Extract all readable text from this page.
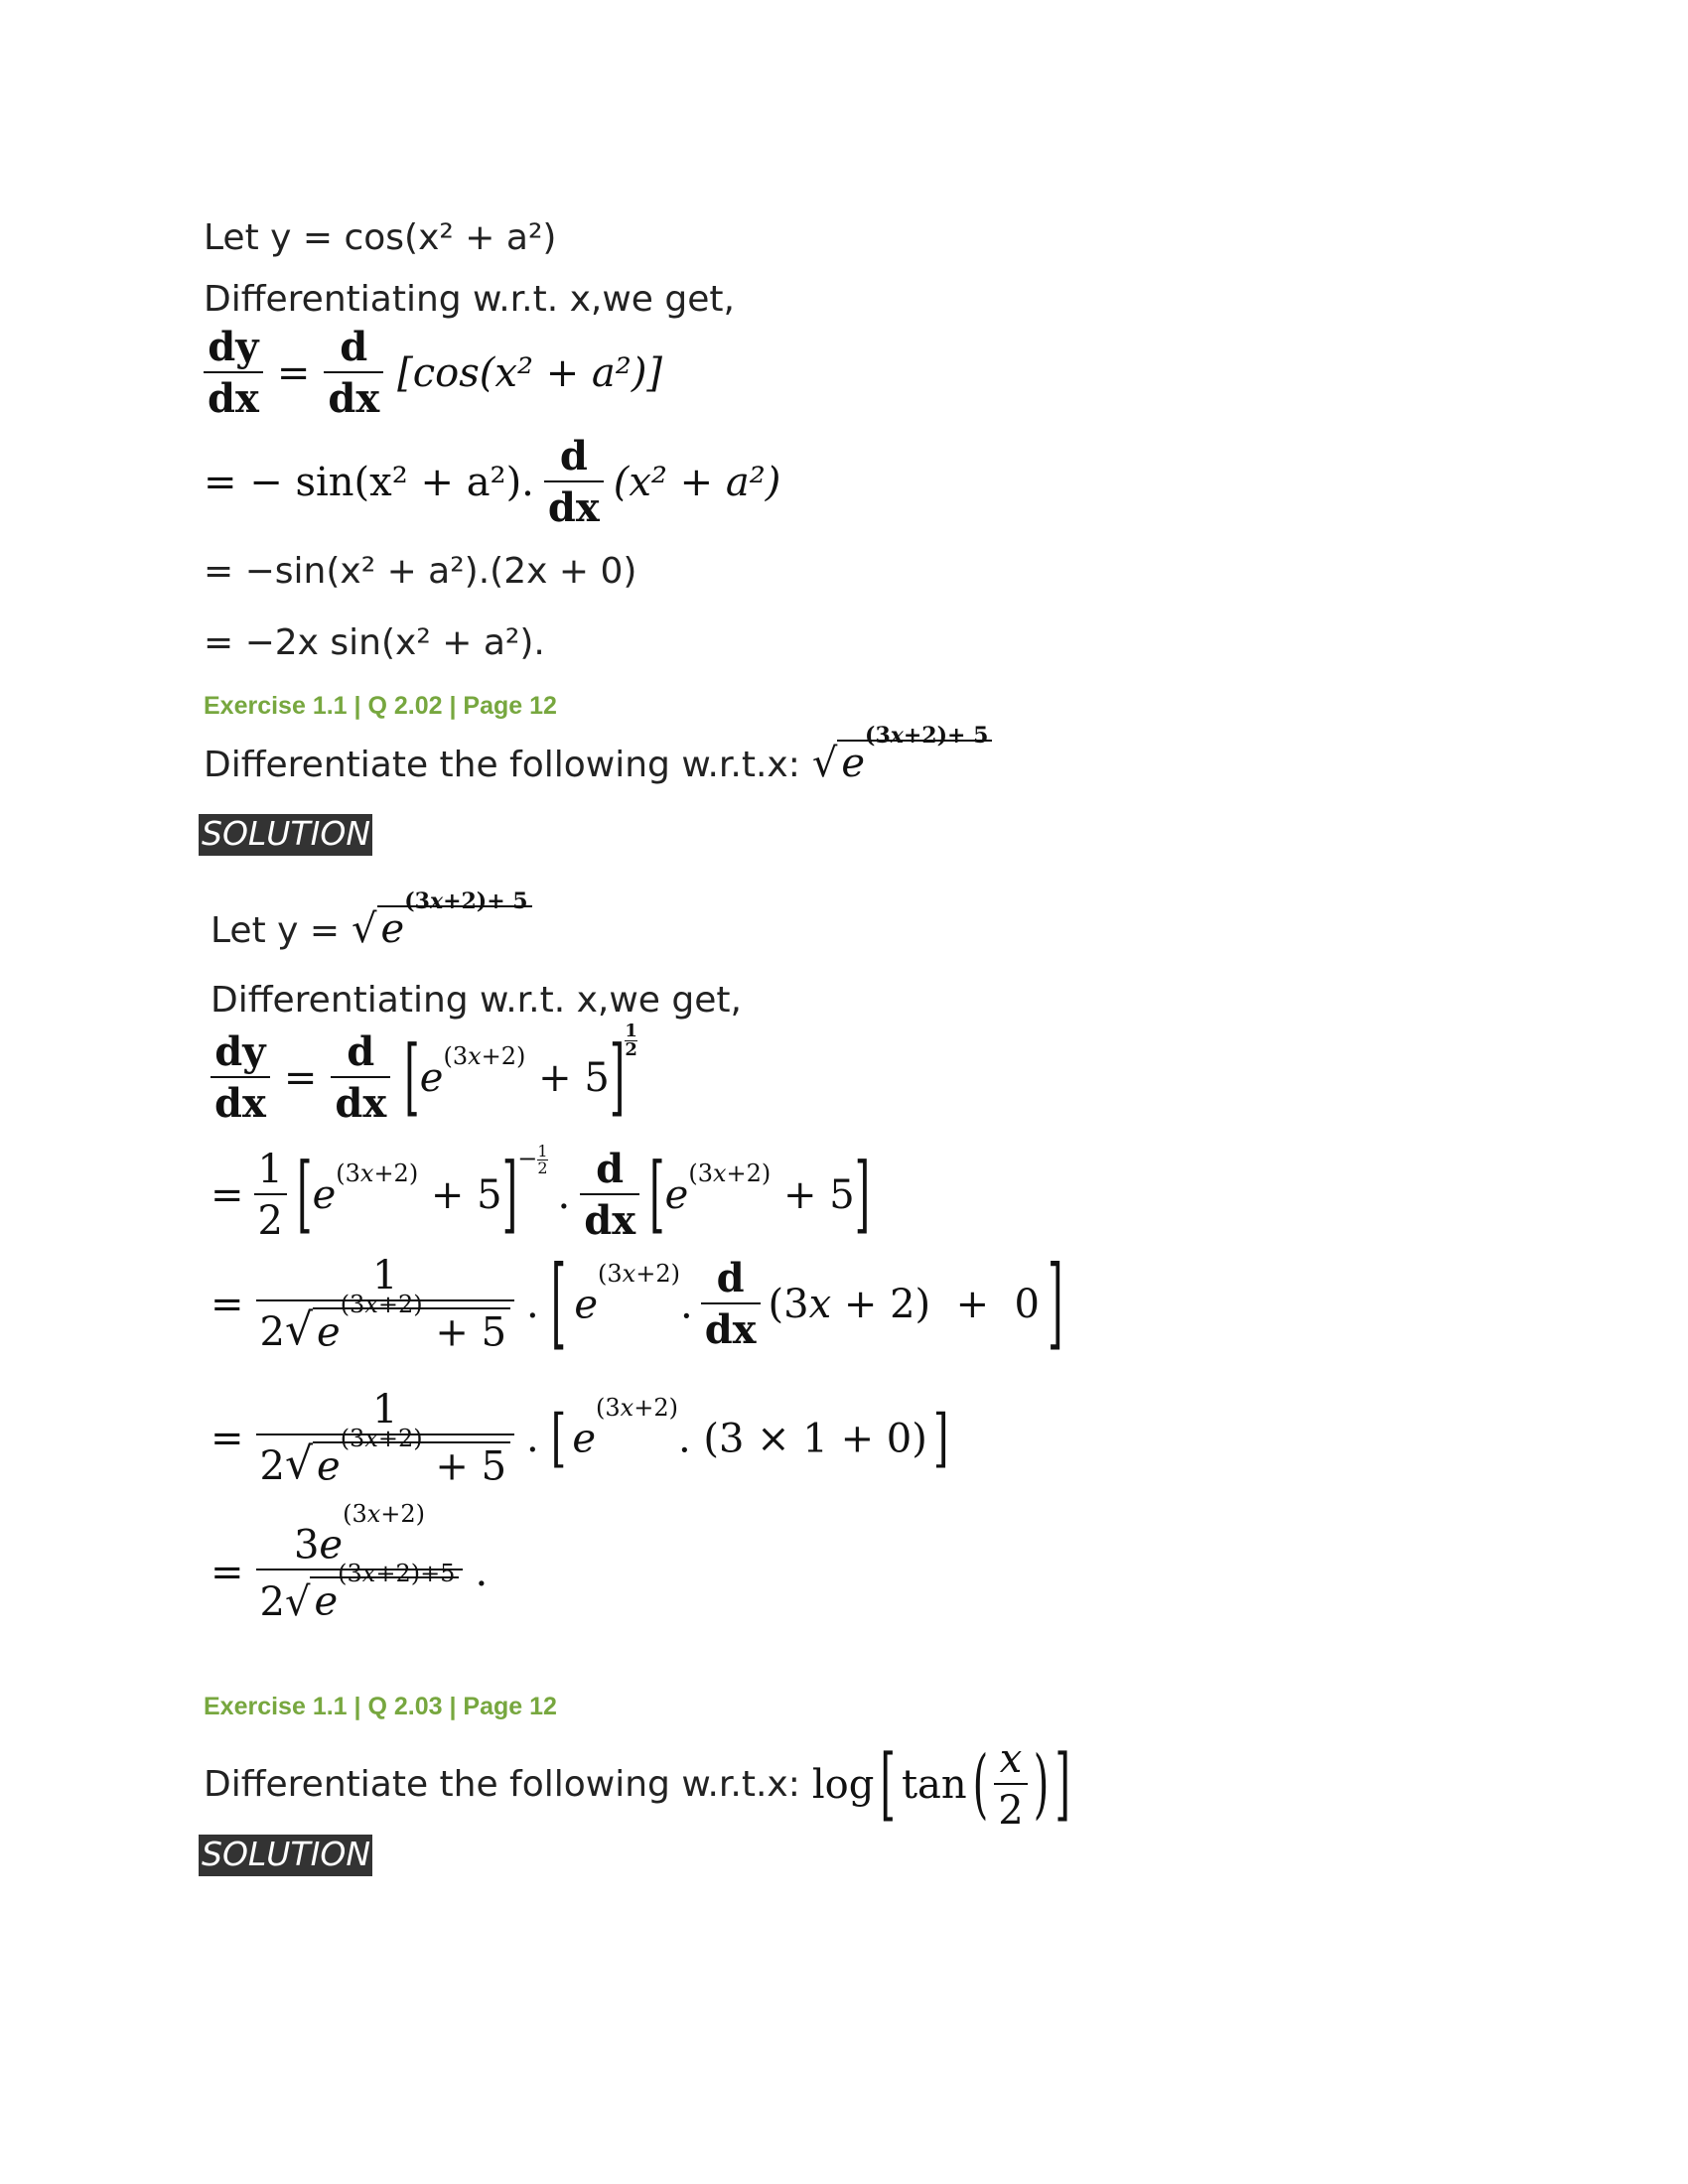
Let y = cos(x² + a²)
Differentiating w.r.t. x,we get,
$\frac{dy}{dx} = \frac{d}{dx} [\cos(x^2 + a^2)]$
= − sin(x² + a²). $\frac{d}{dx} (x^2 + a^2)$
= −sin(x² + a²).(2x + 0)
= −2x sin(x² + a²).
Exercise 1.1 | Q 2.02 | Page 12
Differentiate the following w.r.t.x: √ $e^{(3x+2)+ 5}$
SOLUTION
Let y = √ $e^{(3x+2)+ 5}$
Differentiating w.r.t. x,we get,
$\frac{dy}{dx} = \frac{d}{dx}$ [ $e^{(3x+2)} + 5$ ] 1
2
= $\frac{1}{2}$ [ $e^{(3x+2)} + 5$ ] − $\frac{1}{2}$
. $\frac{d}{dx}$ [ $e^{(3x+2)} + 5$ ]
= $\frac{1}{2 √ e^{(3x+2)} + 5}$ . [ $e^{(3x+2)}$. $\frac{d}{dx} (3x + 2) + 0$ ]
= $\frac{1}{2 √ e^{(3x+2)} + 5}$ . [ $e^{(3x+2)}$. (3 × 1 + 0) ]
= $\frac{3e^{(3x+2)}}{2 √ e^{(3x+2)+5}}$ .
Exercise 1.1 | Q 2.03 | Page 12
Differentiate the following w.r.t.x: log [ tan ( $\frac{x}{2}$ ) ]
SOLUTION
